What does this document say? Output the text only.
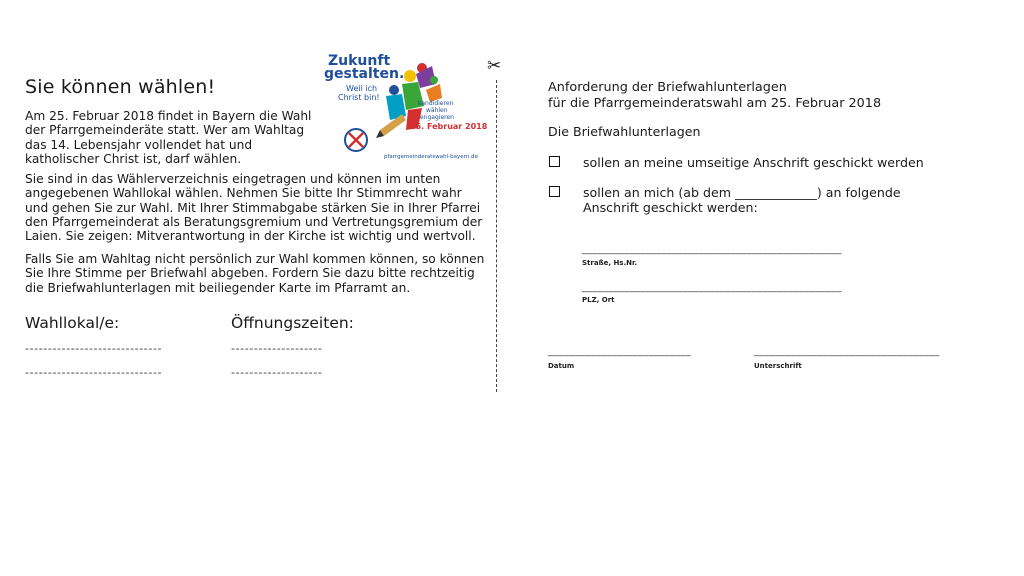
Sie können wählen!
Am 25. Februar 2018 findet in Bayern die Wahl der Pfarrgemeinderäte statt. Wer am Wahltag das 14. Lebensjahr vollendet hat und katholischer Christ ist, darf wählen.
Sie sind in das Wählerverzeichnis eingetragen und können im unten angegebenen Wahllokal wählen. Nehmen Sie bitte Ihr Stimmrecht wahr und gehen Sie zur Wahl. Mit Ihrer Stimmabgabe stärken Sie in Ihrer Pfarrei den Pfarrgemeinderat als Beratungsgremium und Vertretungsgremium der Laien. Sie zeigen: Mitverantwortung in der Kirche ist wichtig und wertvoll.
Falls Sie am Wahltag nicht persönlich zur Wahl kommen können, so können Sie Ihre Stimme per Briefwahl abgeben. Fordern Sie dazu bitte rechtzeitig die Briefwahlunterlagen mit beiliegender Karte im Pfarramt an.
Wahllokal/e:	Öffnungszeiten:
------------------------------
------------------------------
--------------------
--------------------
Zukunft
gestalten.
Weil ich
Christ bin!
kandidieren
wählen
engagieren
25. Februar 2018
pfarrgemeinderatswahl-bayern.de
✂
Anforderung der Briefwahlunterlagen
für die Pfarrgemeinderatswahl am 25. Februar 2018
Die Briefwahlunterlagen
sollen an meine umseitige Anschrift geschickt werden
sollen an mich (ab dem _____________) an folgende
Anschrift geschickt werden:
_________________________________________________
Straße, Hs.Nr.
_________________________________________________
PLZ, Ort
___________________________
Datum
___________________________________
Unterschrift
